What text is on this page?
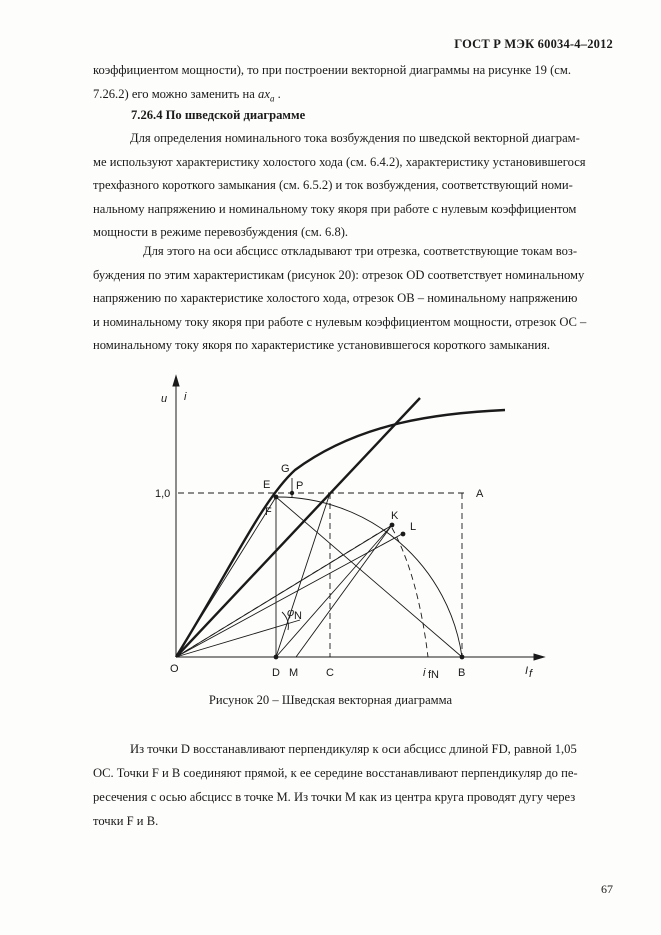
ГОСТ Р МЭК 60034-4–2012
коэффициентом мощности), то при построении векторной диаграммы на рисунке 19 (см.
7.26.2) его можно заменить на $ax_a$ .
7.26.4 По шведской диаграмме
Для определения номинального тока возбуждения по шведской векторной диаграм-
ме используют характеристику холостого хода (см. 6.4.2), характеристику установившегося
трехфазного короткого замыкания (см. 6.5.2) и ток возбуждения, соответствующий номи-
нальному напряжению и номинальному току якоря при работе с нулевым коэффициентом
мощности в режиме перевозбуждения (см. 6.8).
Для этого на оси абсцисс откладывают три отрезка, соответствующие токам воз-
буждения по этим характеристикам (рисунок 20): отрезок OD соответствует номинальному
напряжению по характеристике холостого хода, отрезок OB – номинальному напряжению
и номинальному току якоря при работе с нулевым коэффициентом мощности, отрезок OC –
номинальному току якоря по характеристике установившегося короткого замыкания.
u i
1,0
E
G
P
F
A
K
L
O	D M	C	B
i fN	I f
φ N
Рисунок 20 – Шведская векторная диаграмма
Из точки D восстанавливают перпендикуляр к оси абсцисс длиной FD, равной 1,05
OC. Точки F и B соединяют прямой, к ее середине восстанавливают перпендикуляр до пе-
ресечения с осью абсцисс в точке M. Из точки M как из центра круга проводят дугу через
точки F и B.
67
